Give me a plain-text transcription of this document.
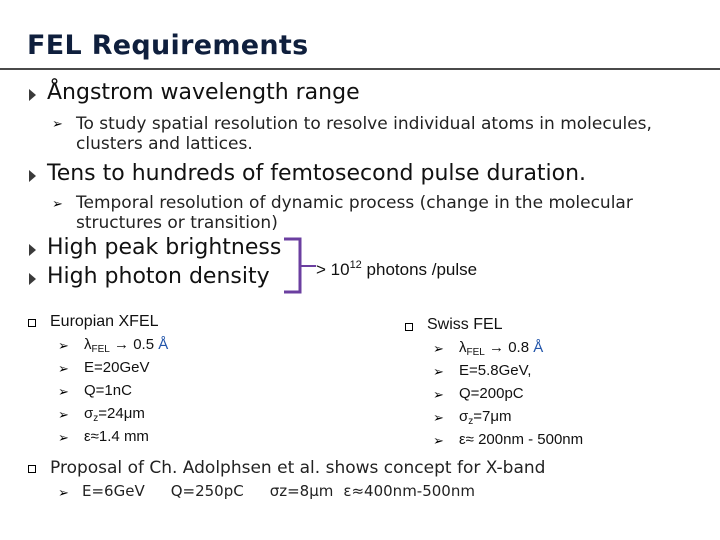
FEL Requirements
Ångstrom wavelength range
➢ To study spatial resolution to resolve individual atoms in molecules, clusters and lattices.
Tens to hundreds of femtosecond pulse duration.
➢ Temporal resolution of dynamic process (change in the molecular structures or transition)
High peak brightness
High photon density	> $10^{12}$ photons /pulse
Europian XFEL
➢ $\lambda_{FEL} \to 0.5$ Å
➢ E=20GeV
➢ Q=1nC
➢ $\sigma_z=24\mu m$
➢ ε≈1.4 mm
Swiss FEL
➢ $\lambda_{FEL} \to 0.8$ Å
➢ E=5.8GeV,
➢ Q=200pC
➢ $\sigma_z=7\mu m$
➢ ε≈ 200nm - 500nm
Proposal of Ch. Adolphsen et al. shows concept for X-band
➢ E=6GeV Q=250pC σz=8μm ε≈400nm-500nm
